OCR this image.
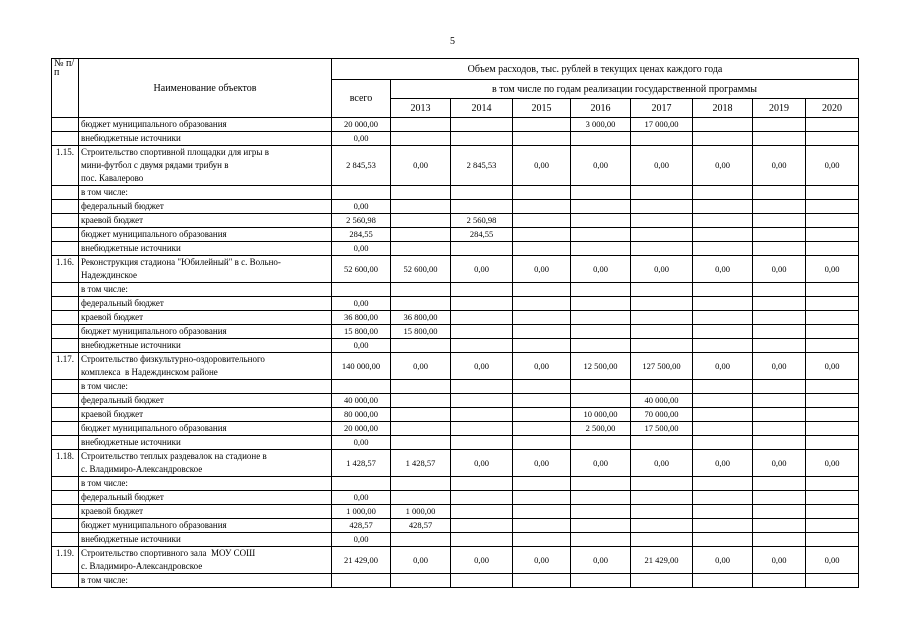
5
№ п/п	Наименование объектов	Объем расходов, тыс. рублей в текущих ценах каждого года								
		всего	в том числе по годам реализации государственной программы							
			2013	2014	2015	2016	2017	2018	2019	2020
	бюджет муниципального образования	20 000,00				3 000,00	17 000,00			
	внебюджетные источники	0,00								
1.15.	Строительство спортивной площадки для игры в
мини-футбол с двумя рядами трибун в
пос. Кавалерово	2 845,53	0,00	2 845,53	0,00	0,00	0,00	0,00	0,00	0,00
	в том числе:									
	федеральный бюджет	0,00								
	краевой бюджет	2 560,98		2 560,98						
	бюджет муниципального образования	284,55		284,55						
	внебюджетные источники	0,00								
1.16.	Реконструкция стадиона "Юбилейный" в с. Вольно-
Надеждинское	52 600,00	52 600,00	0,00	0,00	0,00	0,00	0,00	0,00	0,00
	в том числе:									
	федеральный бюджет	0,00								
	краевой бюджет	36 800,00	36 800,00							
	бюджет муниципального образования	15 800,00	15 800,00							
	внебюджетные источники	0,00								
1.17.	Строительство физкультурно-оздоровительного
комплекса  в Надеждинском районе	140 000,00	0,00	0,00	0,00	12 500,00	127 500,00	0,00	0,00	0,00
	в том числе:									
	федеральный бюджет	40 000,00					40 000,00			
	краевой бюджет	80 000,00				10 000,00	70 000,00			
	бюджет муниципального образования	20 000,00				2 500,00	17 500,00			
	внебюджетные источники	0,00								
1.18.	Строительство теплых раздевалок на стадионе в
с. Владимиро-Александровское	1 428,57	1 428,57	0,00	0,00	0,00	0,00	0,00	0,00	0,00
	в том числе:									
	федеральный бюджет	0,00								
	краевой бюджет	1 000,00	1 000,00							
	бюджет муниципального образования	428,57	428,57							
	внебюджетные источники	0,00								
1.19.	Строительство спортивного зала  МОУ СОШ
с. Владимиро-Александровское	21 429,00	0,00	0,00	0,00	0,00	21 429,00	0,00	0,00	0,00
	в том числе:									
